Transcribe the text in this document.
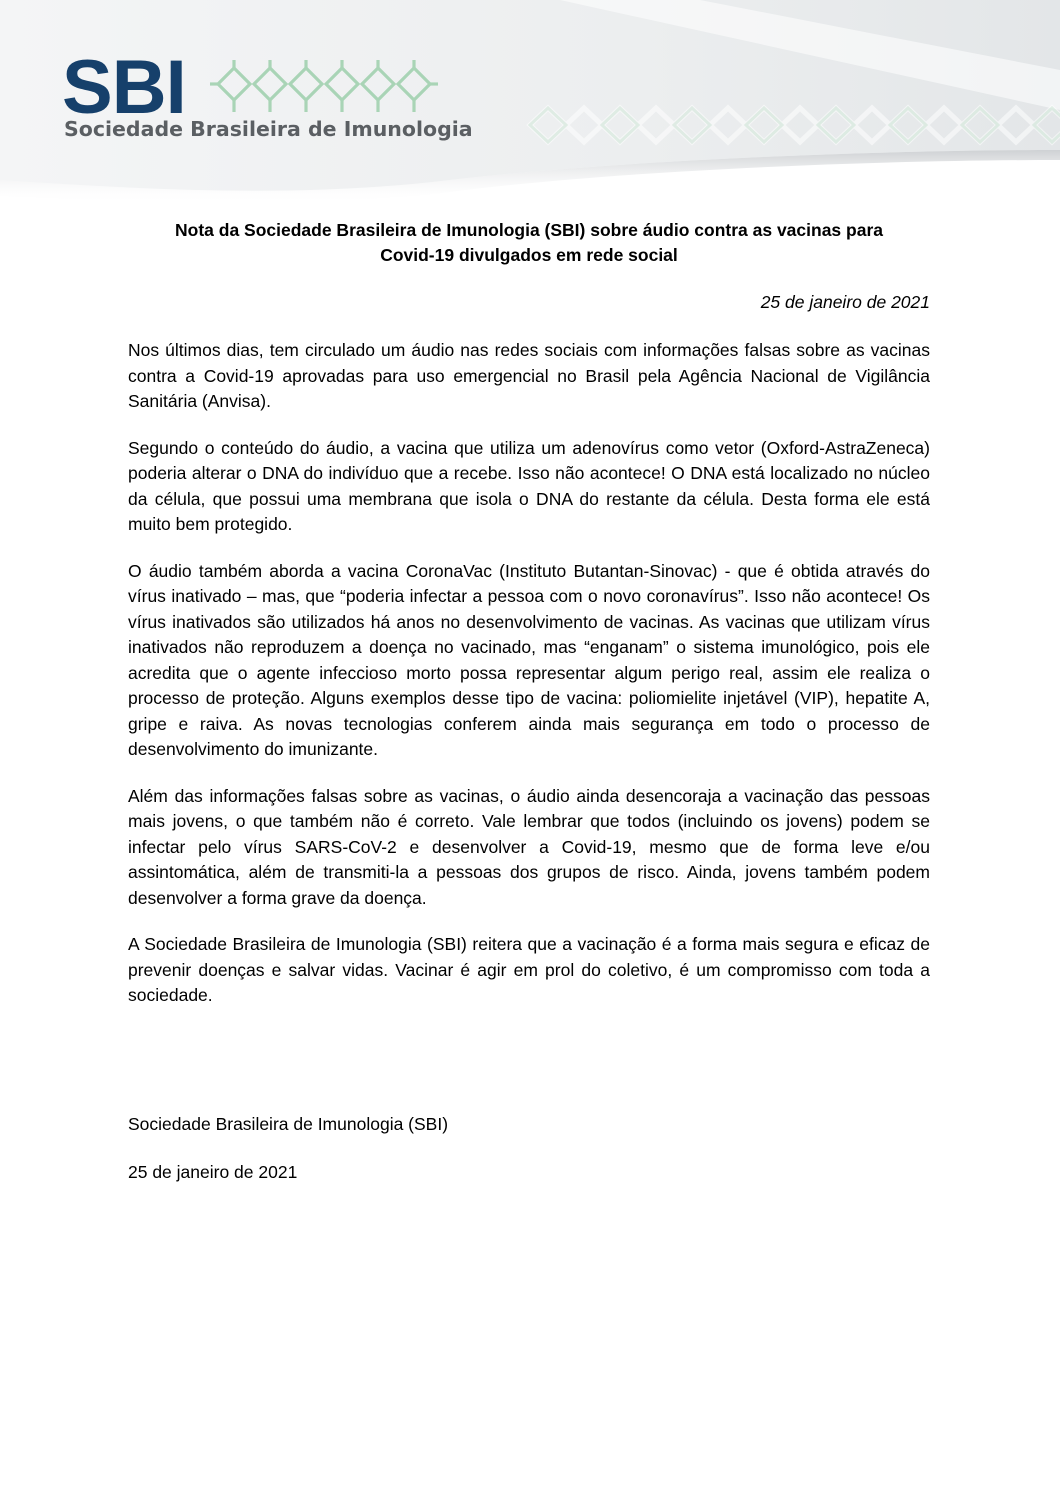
SBI
Sociedade Brasileira de Imunologia
Nota da Sociedade Brasileira de Imunologia (SBI) sobre áudio contra as vacinas para
Covid-19 divulgados em rede social
25 de janeiro de 2021

Nos últimos dias, tem circulado um áudio nas redes sociais com informações falsas sobre as vacinas contra a Covid-19 aprovadas para uso emergencial no Brasil pela Agência Nacional de Vigilância Sanitária (Anvisa).

Segundo o conteúdo do áudio, a vacina que utiliza um adenovírus como vetor (Oxford-AstraZeneca) poderia alterar o DNA do indivíduo que a recebe. Isso não acontece! O DNA está localizado no núcleo da célula, que possui uma membrana que isola o DNA do restante da célula. Desta forma ele está muito bem protegido.

O áudio também aborda a vacina CoronaVac (Instituto Butantan-Sinovac) - que é obtida através do vírus inativado – mas, que “poderia infectar a pessoa com o novo coronavírus”. Isso não acontece! Os vírus inativados são utilizados há anos no desenvolvimento de vacinas. As vacinas que utilizam vírus inativados não reproduzem a doença no vacinado, mas “enganam” o sistema imunológico, pois ele acredita que o agente infeccioso morto possa representar algum perigo real, assim ele realiza o processo de proteção. Alguns exemplos desse tipo de vacina: poliomielite injetável (VIP), hepatite A, gripe e raiva. As novas tecnologias conferem ainda mais segurança em todo o processo de desenvolvimento do imunizante.

Além das informações falsas sobre as vacinas, o áudio ainda desencoraja a vacinação das pessoas mais jovens, o que também não é correto. Vale lembrar que todos (incluindo os jovens) podem se infectar pelo vírus SARS-CoV-2 e desenvolver a Covid-19, mesmo que de forma leve e/ou assintomática, além de transmiti-la a pessoas dos grupos de risco. Ainda, jovens também podem desenvolver a forma grave da doença.

A Sociedade Brasileira de Imunologia (SBI) reitera que a vacinação é a forma mais segura e eficaz de prevenir doenças e salvar vidas. Vacinar é agir em prol do coletivo, é um compromisso com toda a sociedade.

Sociedade Brasileira de Imunologia (SBI)
25 de janeiro de 2021
